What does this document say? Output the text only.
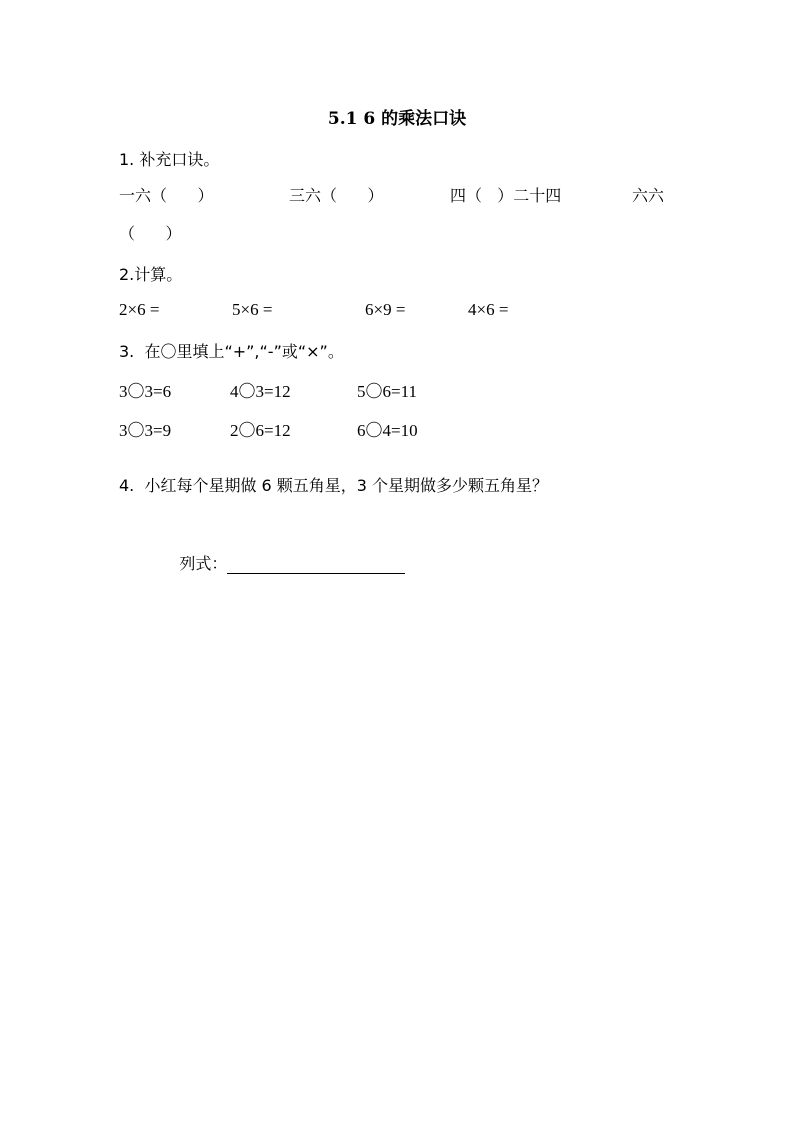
5.1 6 的乘法口诀
1. 补充口诀。
一六（      ）	三六（      ）	四（   ）二十四	六六
（      ）
2.计算。
2×6 =	5×6 =	6×9 =	4×6 =
3.  在〇里填上“+”,“-”或“×”。
3〇3=6	4〇3=12	5〇6=11
3〇3=9	2〇6=12	6〇4=10
4.  小红每个星期做 6 颗五角星，3 个星期做多少颗五角星？

列式：
